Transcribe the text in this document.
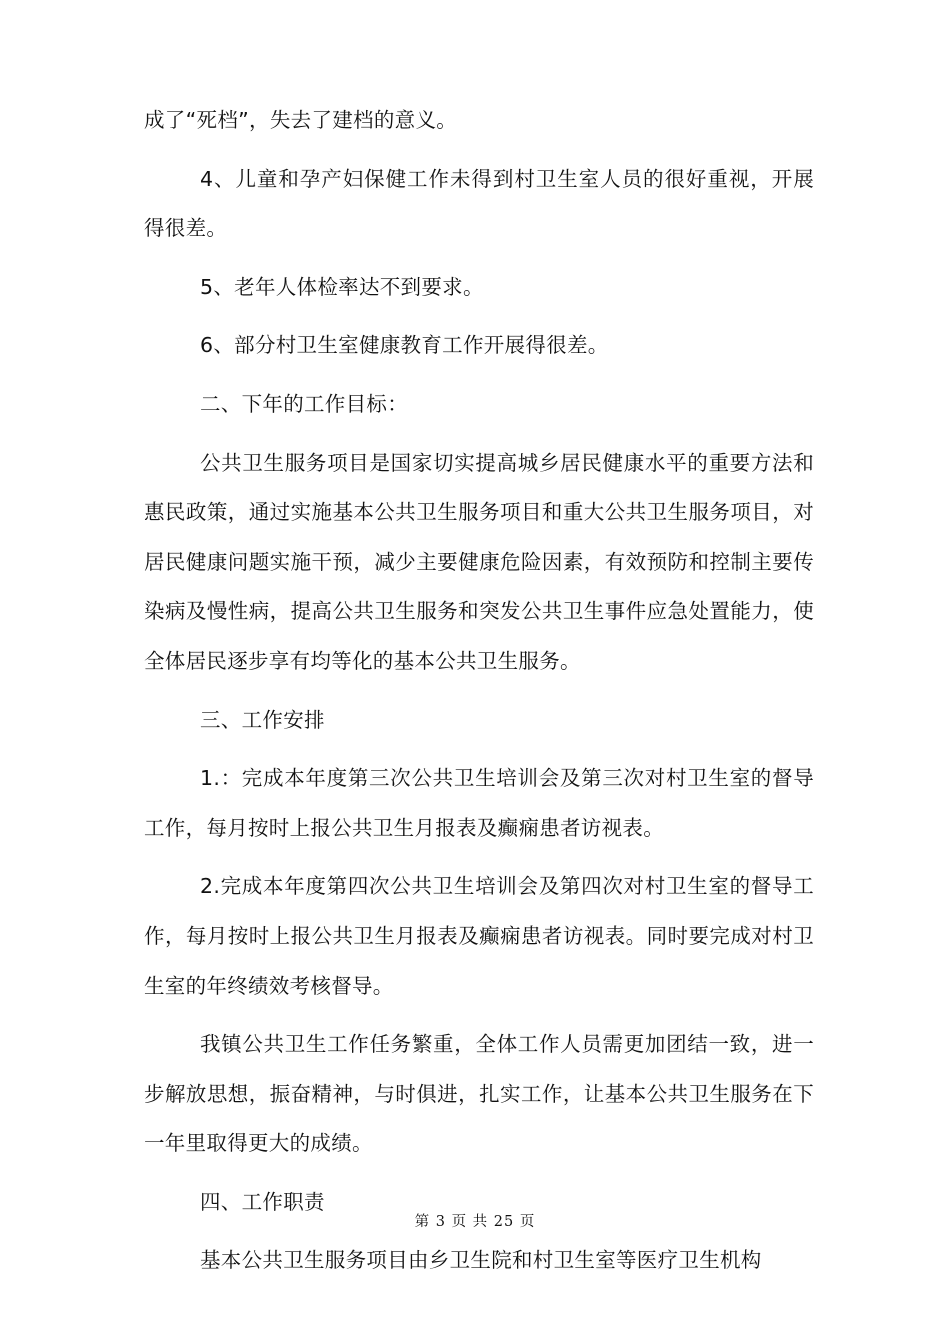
成了“死档”，失去了建档的意义。

4、儿童和孕产妇保健工作未得到村卫生室人员的很好重视，开展得很差。

5、老年人体检率达不到要求。

6、部分村卫生室健康教育工作开展得很差。

二、下年的工作目标：

公共卫生服务项目是国家切实提高城乡居民健康水平的重要方法和惠民政策，通过实施基本公共卫生服务项目和重大公共卫生服务项目，对居民健康问题实施干预，减少主要健康危险因素，有效预防和控制主要传染病及慢性病，提高公共卫生服务和突发公共卫生事件应急处置能力，使全体居民逐步享有均等化的基本公共卫生服务。

三、工作安排

1.：完成本年度第三次公共卫生培训会及第三次对村卫生室的督导工作，每月按时上报公共卫生月报表及癫痫患者访视表。

2.完成本年度第四次公共卫生培训会及第四次对村卫生室的督导工作，每月按时上报公共卫生月报表及癫痫患者访视表。同时要完成对村卫生室的年终绩效考核督导。

我镇公共卫生工作任务繁重，全体工作人员需更加团结一致，进一步解放思想，振奋精神，与时俱进，扎实工作，让基本公共卫生服务在下一年里取得更大的成绩。

四、工作职责

基本公共卫生服务项目由乡卫生院和村卫生室等医疗卫生机构

第 3 页 共 25 页
